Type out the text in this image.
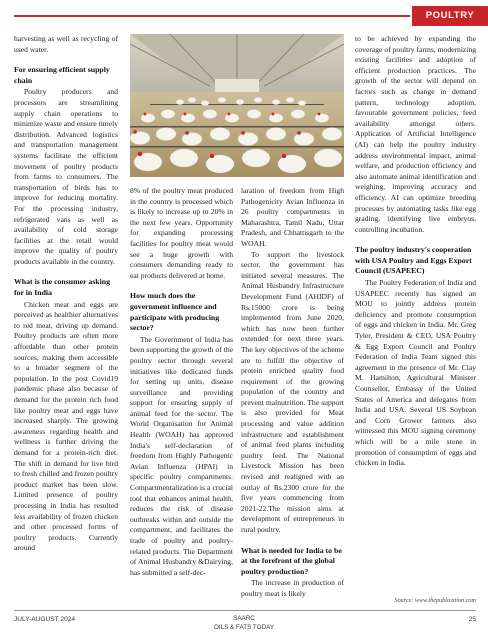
POULTRY

harvesting as well as recycling of used water.

For ensuring efficient supply chain

Poultry producers and processors are streamlining supply chain operations to minimize waste and ensure timely distribution. Advanced logistics and transportation management systems facilitate the efficient movement of poultry products from farms to consumers. The transportation of birds has to improve for reducing mortality. For the processing industry, refrigerated vans as well as availability of cold storage facilities at the retail would improve the quality of poultry products available in the country.

What is the consumer asking for in India

Chicken meat and eggs are perceived as healthier alternatives to red meat, driving up demand. Poultry products are often more affordable than other protein sources, making them accessible to a broader segment of the population. In the post Covid19 pandemic phase also because of demand for the protein rich food like poultry meat and eggs have increased sharply. The growing awareness regarding health and wellness is further driving the demand for a protein-rich diet. The shift in demand for live bird to fresh chilled and frozen poultry product market has been slow. Limited presence of poultry processing in India has resulted less availability of frozen chicken and other processed forms of poultry products. Currently around

8% of the poultry meat produced in the country is processed which is likely to increase up to 20% in the next few years. Opportunity for expanding processing facilities for poultry meat would see a huge growth with consumers demanding ready to eat products delivered at home.

How much does the government influence and participate with producing sector?

The Government of India has been supporting the growth of the poultry sector through several initiatives like dedicated funds for setting up units, disease surveillance and providing support for ensuring supply of animal feed for the sector. The World Organisation for Animal Health (WOAH) has approved India's self-declaration of freedom from Highly Pathogenic Avian Influenza (HPAI) in specific poultry compartments. Compartmentalization is a crucial tool that enhances animal health, reduces the risk of disease outbreaks within and outside the compartment, and facilitates the trade of poultry and poultry-related products. The Department of Animal Husbandry &Dairying, has submitted a self-dec-

laration of freedom from High Pathogenicity Avian Influenza in 26 poultry compartments in Maharashtra, Tamil Nadu, Uttar Pradesh, and Chhattisgarh to the WOAH.

To support the livestock sector, the government has initiated several measures. The Animal Husbandry Infrastructure Development Fund (AHIDF) of Rs.15000 crore is being implemented from June 2020, which has now been further extended for next three years. The key objectives of the scheme are to fulfill the objective of protein enriched quality food requirement of the growing population of the country and prevent malnutrition. The support is also provided for Meat processing and value addition infrastructure and establishment of animal feed plants including poultry feed. The National Livestock Mission has been revised and realigned with an outlay of Rs.2300 crore for the five years commencing from 2021-22.The mission aims at development of entrepreneurs in rural poultry.

What is needed for India to be at the forefront of the global poultry production?

The increase in production of poultry meat is likely

to be achieved by expanding the coverage of poultry farms, modernizing existing facilities and adoption of efficient production practices. The growth of the sector will depend on factors such as change in demand pattern, technology adoption, favourable government policies, feed availability amongst others. Application of Artificial Intelligence (AI) can help the poultry industry address environmental impact, animal welfare, and production efficiency and also automate animal identification and weighing, improving accuracy and efficiency. AI can optimize breeding processes by automating tasks like egg grading, identifying live embryos, controlling incubation.

The poultry industry's cooperation with USA Poultry and Eggs Export Council (USAPEEC)

The Poultry Federation of India and USAPEEC recently has signed an MOU to jointly address protein deficiency and promote consumption of eggs and chicken in India. Mr. Greg Tyler, President & CEO, USA Poultry & Egg Export Council and Poultry Federation of India Team signed this agreement in the presence of Mr. Clay M. Hamilton, Agricultural Minister Counsellor, Embassy of the United States of America and delegates from India and USA. Several US Soybean and Corn Grower farmers also witnessed this MOU signing ceremony which will be a mile stone in promotion of consumption of eggs and chicken in India.

Source: www.thepublication.com
JULY-AUGUST 2024	SAARC
OILS & FATS TODAY
25
